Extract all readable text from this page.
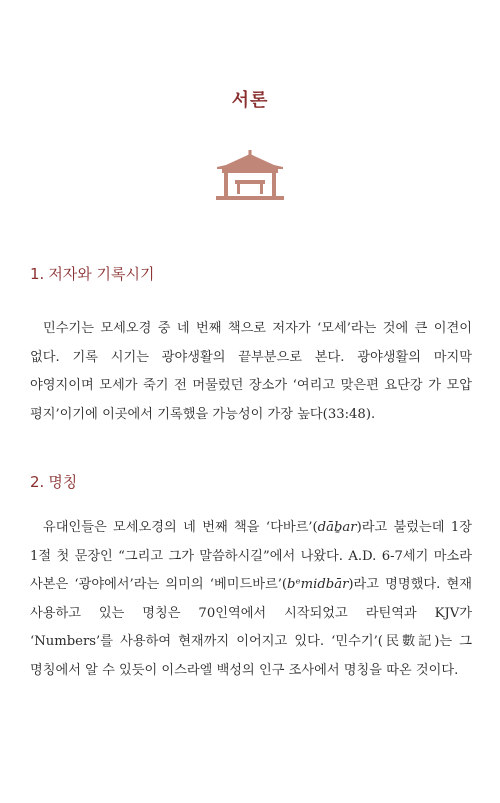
서론
1. 저자와 기록시기
민수기는 모세오경 중 네 번째 책으로 저자가 ‘모세’라는 것에 큰 이견이 없다. 기록 시기는 광야생활의 끝부분으로 본다. 광야생활의 마지막 야영지이며 모세가 죽기 전 머물렀던 장소가 ‘여리고 맞은편 요단강 가 모압 평지’이기에 이곳에서 기록했을 가능성이 가장 높다(33:48).
2. 명칭
유대인들은 모세오경의 네 번째 책을 ‘다바르’(dāḇar)라고 불렀는데 1장 1절 첫 문장인 “그리고 그가 말씀하시길”에서 나왔다. A.D. 6-7세기 마소라 사본은 ‘광야에서’라는 의미의 ‘베미드바르’(bᵉmidbār)라고 명명했다. 현재 사용하고 있는 명칭은 70인역에서 시작되었고 라틴역과 KJV가 ‘Numbers’를 사용하여 현재까지 이어지고 있다. ‘민수기’(民數記)는 그 명칭에서 알 수 있듯이 이스라엘 백성의 인구 조사에서 명칭을 따온 것이다.
